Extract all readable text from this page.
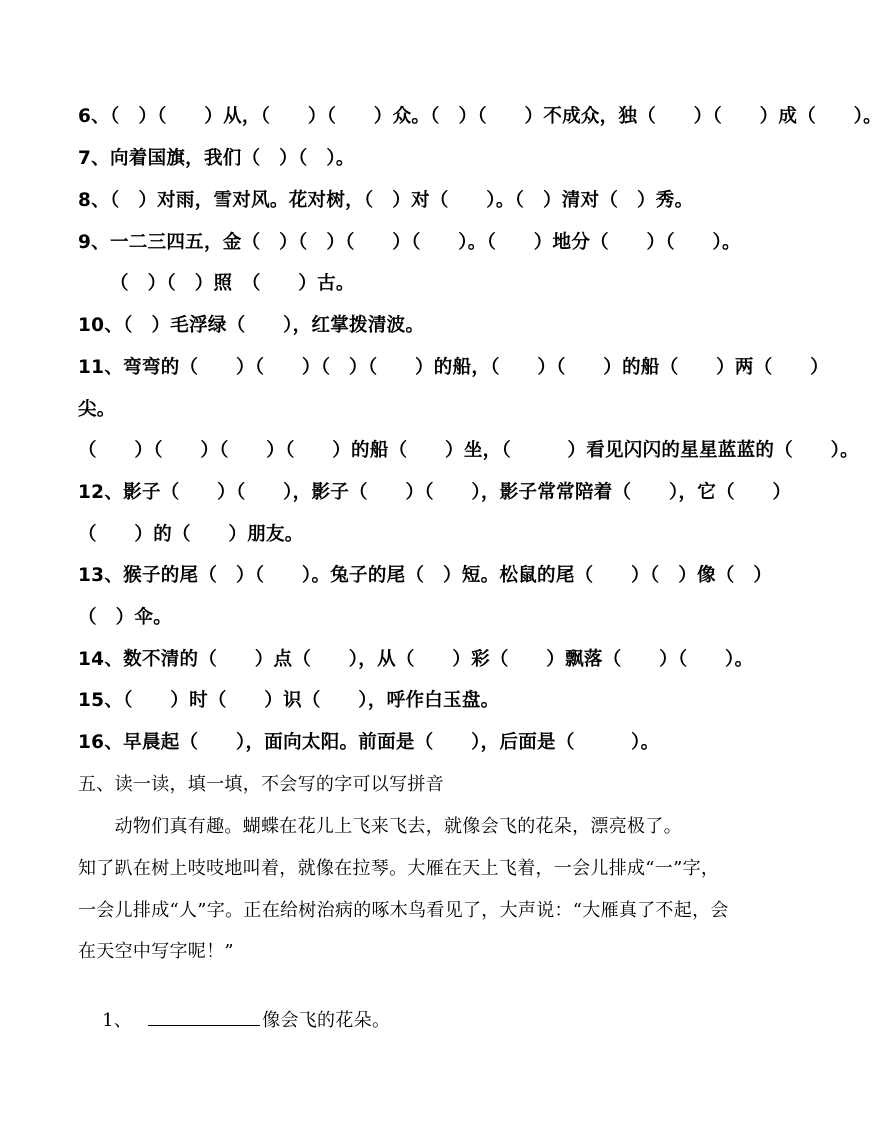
6、（　）（　　）从，（　　）（　　）众。（　）（　　）不成众，独（　　）（　　）成（　　）。
7、向着国旗，我们（　）（　）。
8、（　）对雨，雪对风。花对树，（　）对（　　）。（　）清对（　）秀。
9、一二三四五，金（　）（　）（　　）（　　）。（　　）地分（　　）（　　）。
（　）（　）照　（　　）古。
10、（　）毛浮绿（　　），红掌拨清波。
11、弯弯的（　　）（　　）（　）（　　）的船，（　　）（　　）的船（　　）两（　　）
尖。
（　　）（　　）（　　）（　　）的船（　　）坐，（　　　）看见闪闪的星星蓝蓝的（　　）。
12、影子（　　）（　　），影子（　　）（　　），影子常常陪着（　　），它（　　）
（　　）的（　　）朋友。
13、猴子的尾（　）（　　）。兔子的尾（　）短。松鼠的尾（　　）（　）像（　）
（　）伞。
14、数不清的（　　）点（　　），从（　　）彩（　　）飘落（　　）（　　）。
15、（　　）时（　　）识（　　），呼作白玉盘。
16、早晨起（　　），面向太阳。前面是（　　），后面是（　　　）。
五、读一读，填一填，不会写的字可以写拼音
　　动物们真有趣。蝴蝶在花儿上飞来飞去，就像会飞的花朵，漂亮极了。
知了趴在树上吱吱地叫着，就像在拉琴。大雁在天上飞着，一会儿排成“一”字，
一会儿排成“人”字。正在给树治病的啄木鸟看见了，大声说：“大雁真了不起，会
在天空中写字呢！”

1、	像会飞的花朵。
